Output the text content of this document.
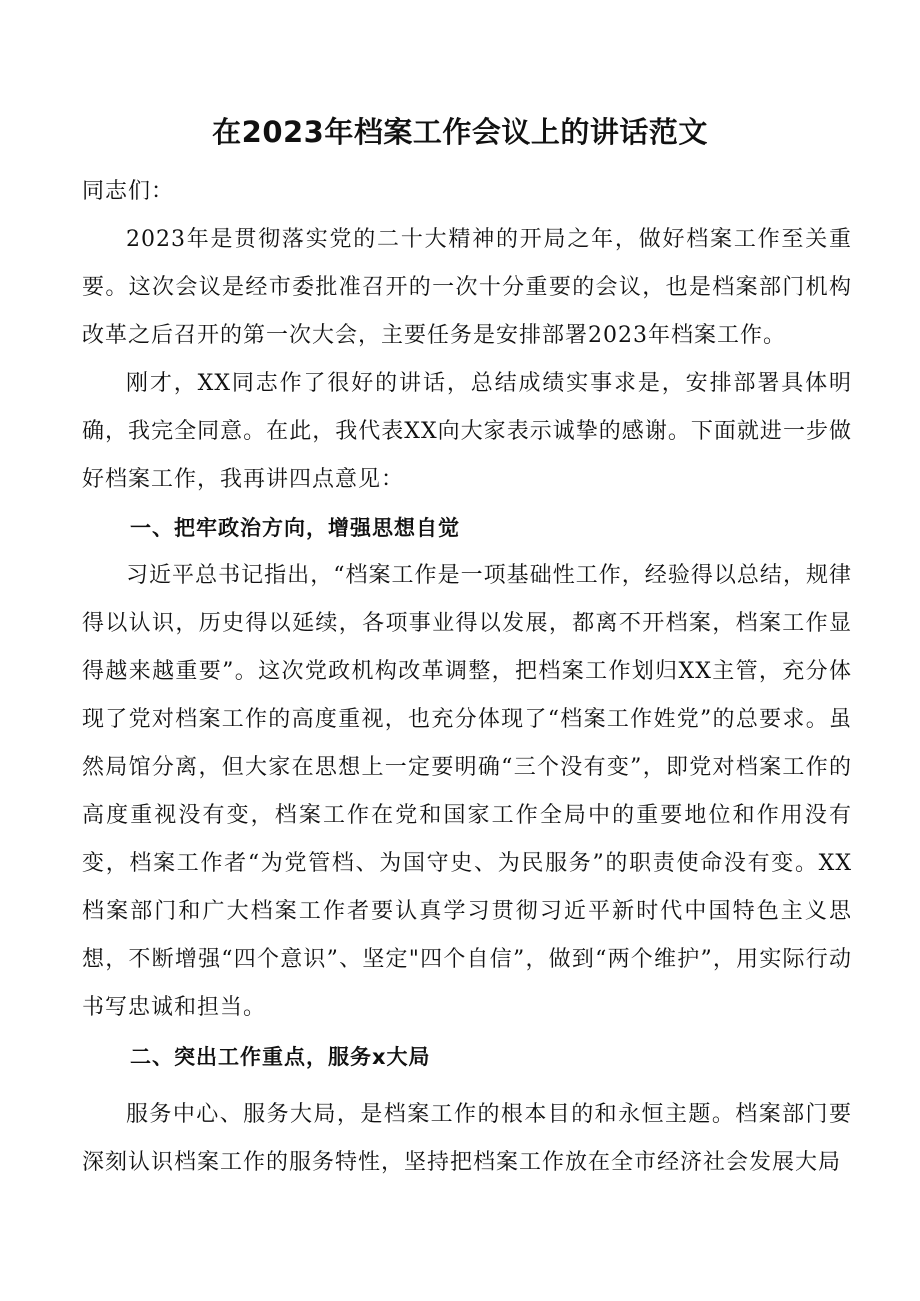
在2023年档案工作会议上的讲话范文

同志们：

2023年是贯彻落实党的二十大精神的开局之年，做好档案工作至关重要。这次会议是经市委批准召开的一次十分重要的会议，也是档案部门机构改革之后召开的第一次大会，主要任务是安排部署2023年档案工作。

刚才，XX同志作了很好的讲话，总结成绩实事求是，安排部署具体明确，我完全同意。在此，我代表XX向大家表示诚挚的感谢。下面就进一步做好档案工作，我再讲四点意见：

一、把牢政治方向，增强思想自觉

习近平总书记指出，“档案工作是一项基础性工作，经验得以总结，规律得以认识，历史得以延续，各项事业得以发展，都离不开档案，档案工作显得越来越重要”。这次党政机构改革调整，把档案工作划归XX主管，充分体现了党对档案工作的高度重视，也充分体现了“档案工作姓党”的总要求。虽然局馆分离，但大家在思想上一定要明确“三个没有变”，即党对档案工作的高度重视没有变，档案工作在党和国家工作全局中的重要地位和作用没有变，档案工作者“为党管档、为国守史、为民服务”的职责使命没有变。XX档案部门和广大档案工作者要认真学习贯彻习近平新时代中国特色主义思想，不断增强“四个意识”、坚定"四个自信”，做到“两个维护”，用实际行动书写忠诚和担当。

二、突出工作重点，服务x大局

服务中心、服务大局，是档案工作的根本目的和永恒主题。档案部门要深刻认识档案工作的服务特性，坚持把档案工作放在全市经济社会发展大局
